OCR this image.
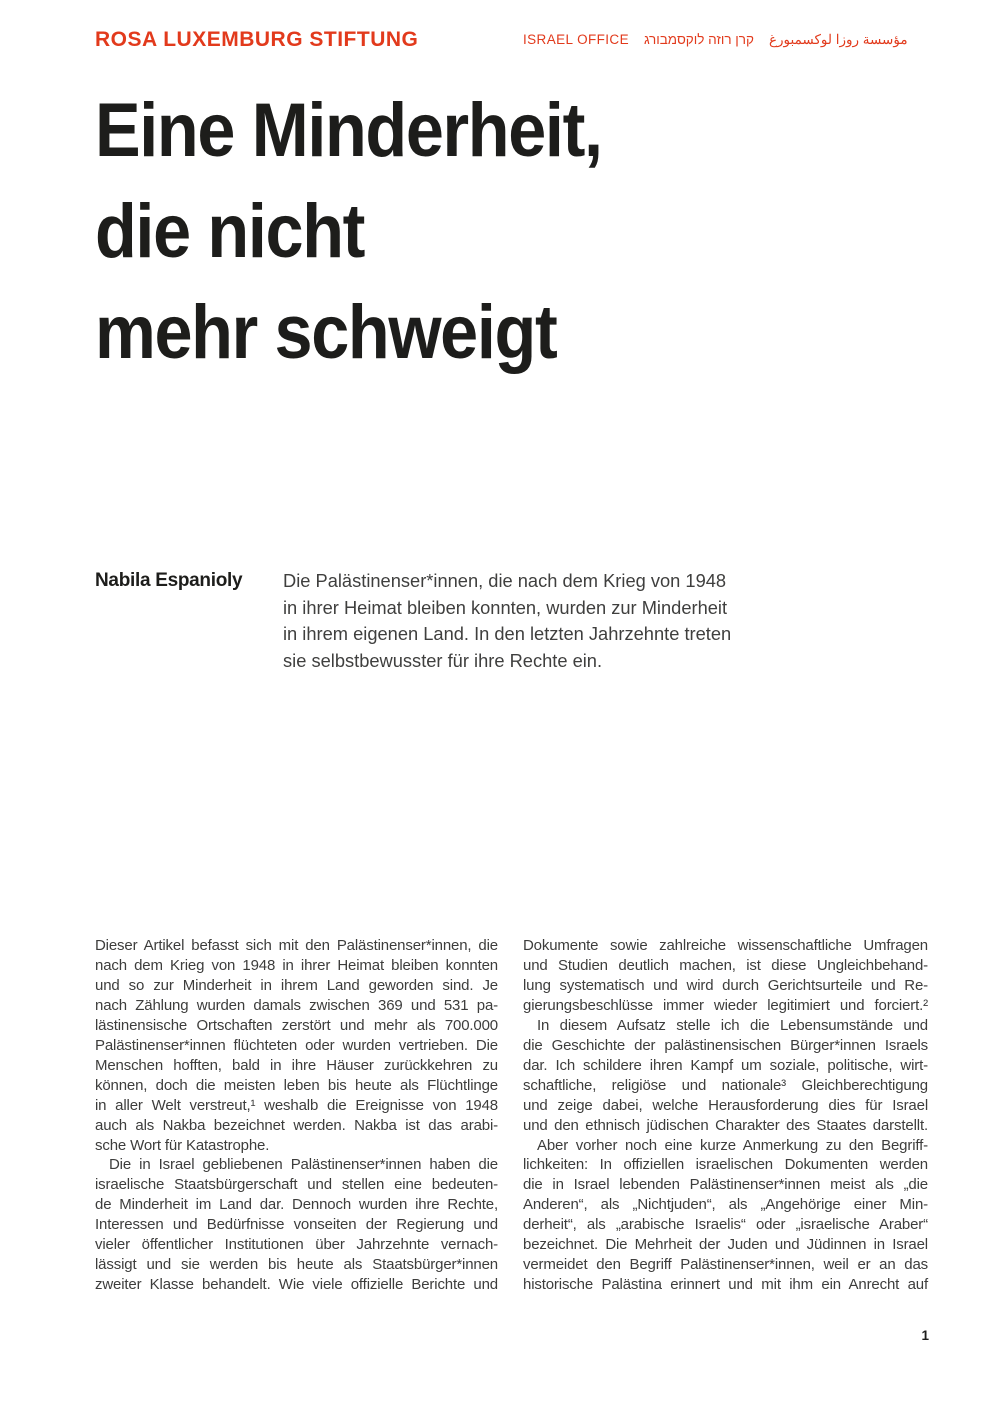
ROSA LUXEMBURG STIFTUNG	ISRAEL OFFICE קרן רוזה לוקסמבורג مؤسسة روزا لوكسمبورغ
Eine Minderheit,
die nicht
mehr schweigt
Nabila Espanioly Die Palästinenser*innen, die nach dem Krieg von 1948 in ihrer Heimat bleiben konnten, wurden zur Minderheit in ihrem eigenen Land. In den letzten Jahrzehnte treten sie selbstbewusster für ihre Rechte ein.
Dieser Artikel befasst sich mit den Palästinenser*innen, die
nach dem Krieg von 1948 in ihrer Heimat bleiben konnten
und so zur Minderheit in ihrem Land geworden sind. Je
nach Zählung wurden damals zwischen 369 und 531 pa-
lästinensische Ortschaften zerstört und mehr als 700.000
Palästinenser*innen flüchteten oder wurden vertrieben. Die
Menschen hofften, bald in ihre Häuser zurückkehren zu
können, doch die meisten leben bis heute als Flüchtlinge
in aller Welt verstreut,¹ weshalb die Ereignisse von 1948
auch als Nakba bezeichnet werden. Nakba ist das arabi-
sche Wort für Katastrophe.
Die in Israel gebliebenen Palästinenser*innen haben die
israelische Staatsbürgerschaft und stellen eine bedeuten-
de Minderheit im Land dar. Dennoch wurden ihre Rechte,
Interessen und Bedürfnisse vonseiten der Regierung und
vieler öffentlicher Institutionen über Jahrzehnte vernach-
lässigt und sie werden bis heute als Staatsbürger*innen
zweiter Klasse behandelt. Wie viele offizielle Berichte und
Dokumente sowie zahlreiche wissenschaftliche Umfragen
und Studien deutlich machen, ist diese Ungleichbehand-
lung systematisch und wird durch Gerichtsurteile und Re-
gierungsbeschlüsse immer wieder legitimiert und forciert.²
In diesem Aufsatz stelle ich die Lebensumstände und
die Geschichte der palästinensischen Bürger*innen Israels
dar. Ich schildere ihren Kampf um soziale, politische, wirt-
schaftliche, religiöse und nationale³ Gleichberechtigung
und zeige dabei, welche Herausforderung dies für Israel
und den ethnisch jüdischen Charakter des Staates darstellt.
Aber vorher noch eine kurze Anmerkung zu den Begriff-
lichkeiten: In offiziellen israelischen Dokumenten werden
die in Israel lebenden Palästinenser*innen meist als „die
Anderen“, als „Nichtjuden“, als „Angehörige einer Min-
derheit“, als „arabische Israelis“ oder „israelische Araber“
bezeichnet. Die Mehrheit der Juden und Jüdinnen in Israel
vermeidet den Begriff Palästinenser*innen, weil er an das
historische Palästina erinnert und mit ihm ein Anrecht auf
1
